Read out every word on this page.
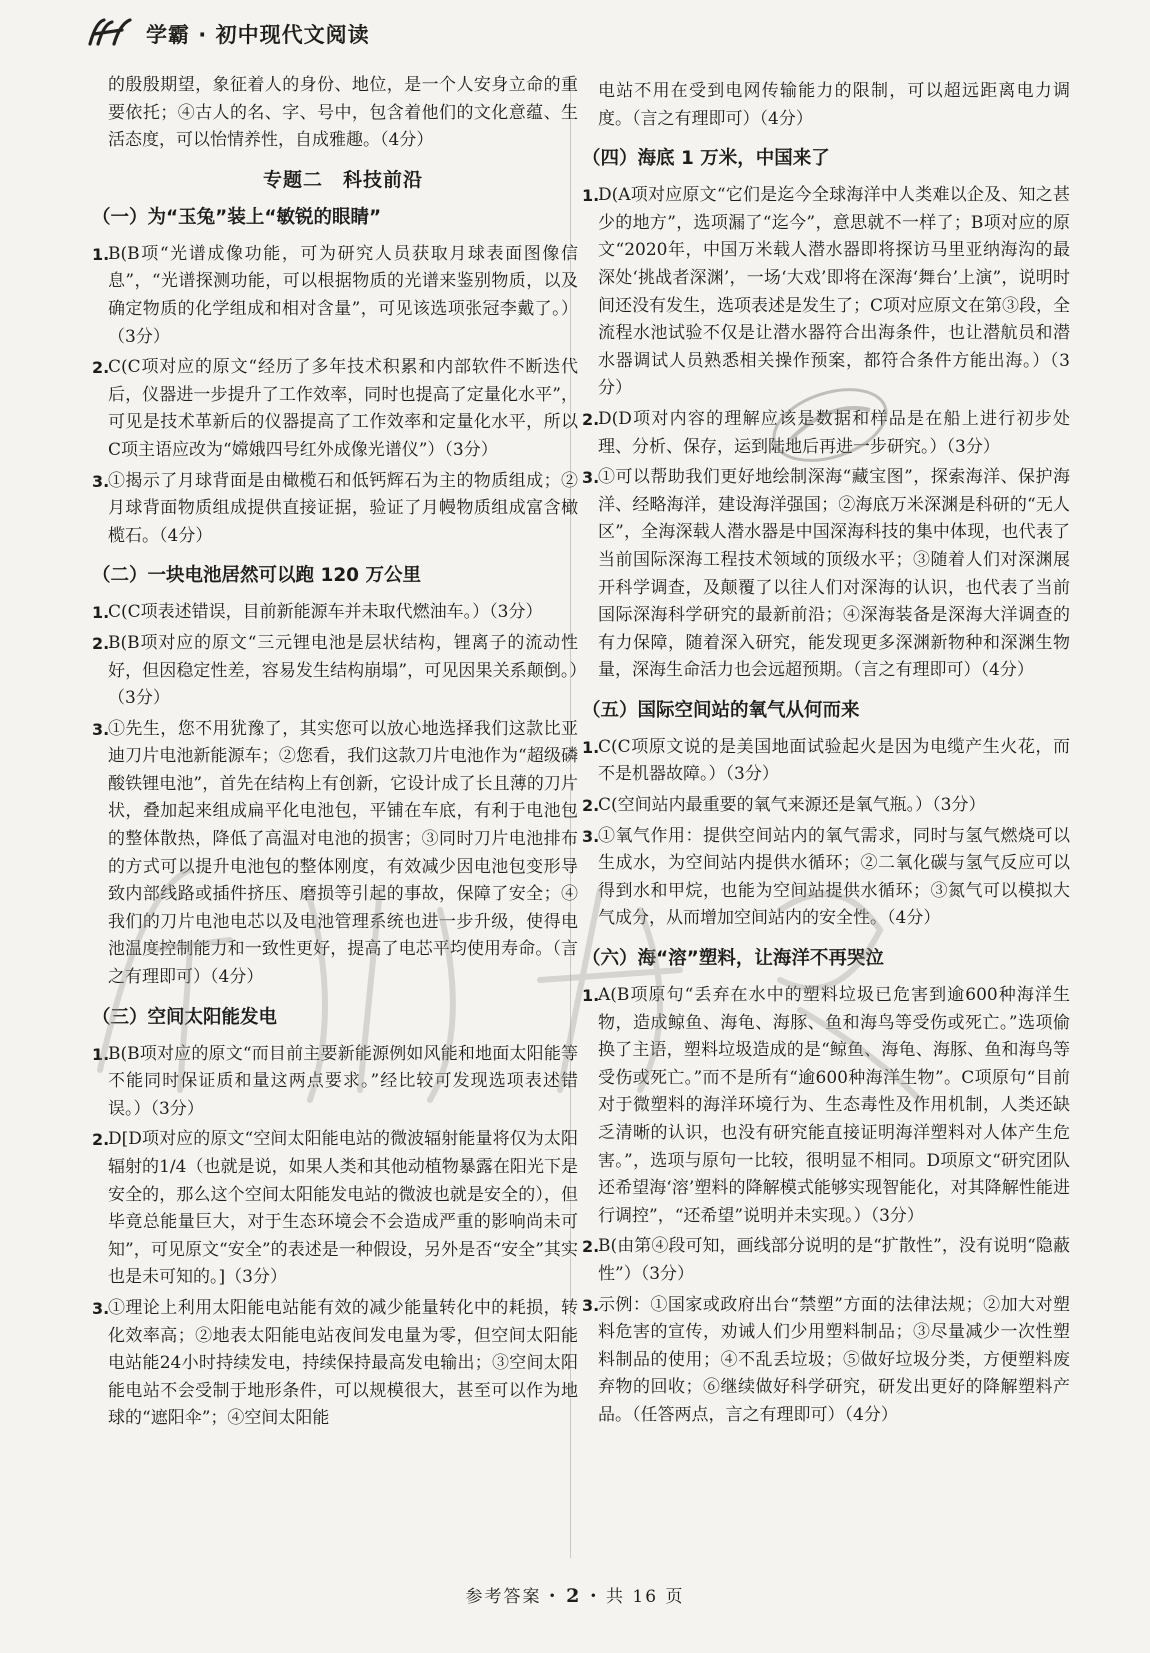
学霸 · 初中现代文阅读

的殷殷期望，象征着人的身份、地位，是一个人安身立命的重要依托；④古人的名、字、号中，包含着他们的文化意蕴、生活态度，可以怡情养性，自成雅趣。（4分）

专题二　科技前沿
（一）为“玉兔”装上“敏锐的眼睛”
1.

B(B项“光谱成像功能，可为研究人员获取月球表面图像信息”，“光谱探测功能，可以根据物质的光谱来鉴别物质，以及确定物质的化学组成和相对含量”，可见该选项张冠李戴了。）（3分）

2.

C(C项对应的原文“经历了多年技术积累和内部软件不断迭代后，仪器进一步提升了工作效率，同时也提高了定量化水平”，可见是技术革新后的仪器提高了工作效率和定量化水平，所以C项主语应改为“嫦娥四号红外成像光谱仪”）（3分）

3.

①揭示了月球背面是由橄榄石和低钙辉石为主的物质组成；②月球背面物质组成提供直接证据，验证了月幔物质组成富含橄榄石。（4分）

（二）一块电池居然可以跑 120 万公里
1.

C(C项表述错误，目前新能源车并未取代燃油车。）（3分）

2.

B(B项对应的原文“三元锂电池是层状结构，锂离子的流动性好，但因稳定性差，容易发生结构崩塌”，可见因果关系颠倒。）（3分）

3.

①先生，您不用犹豫了，其实您可以放心地选择我们这款比亚迪刀片电池新能源车；②您看，我们这款刀片电池作为“超级磷酸铁锂电池”，首先在结构上有创新，它设计成了长且薄的刀片状，叠加起来组成扁平化电池包，平铺在车底，有利于电池包的整体散热，降低了高温对电池的损害；③同时刀片电池排布的方式可以提升电池包的整体刚度，有效减少因电池包变形导致内部线路或插件挤压、磨损等引起的事故，保障了安全；④我们的刀片电池电芯以及电池管理系统也进一步升级，使得电池温度控制能力和一致性更好，提高了电芯平均使用寿命。（言之有理即可）（4分）

（三）空间太阳能发电
1.

B(B项对应的原文“而目前主要新能源例如风能和地面太阳能等不能同时保证质和量这两点要求。”经比较可发现选项表述错误。）（3分）

2.

D[D项对应的原文“空间太阳能电站的微波辐射能量将仅为太阳辐射的1/4（也就是说，如果人类和其他动植物暴露在阳光下是安全的，那么这个空间太阳能发电站的微波也就是安全的），但毕竟总能量巨大，对于生态环境会不会造成严重的影响尚未可知”，可见原文“安全”的表述是一种假设，另外是否“安全”其实也是未可知的。]（3分）

3.

①理论上利用太阳能电站能有效的减少能量转化中的耗损，转化效率高；②地表太阳能电站夜间发电量为零，但空间太阳能电站能24小时持续发电，持续保持最高发电输出；③空间太阳能电站不会受制于地形条件，可以规模很大，甚至可以作为地球的“遮阳伞”；④空间太阳能

电站不用在受到电网传输能力的限制，可以超远距离电力调度。（言之有理即可）（4分）

（四）海底 1 万米，中国来了
1.

D(A项对应原文“它们是迄今全球海洋中人类难以企及、知之甚少的地方”，选项漏了“迄今”，意思就不一样了；B项对应的原文“2020年，中国万米载人潜水器即将探访马里亚纳海沟的最深处‘挑战者深渊’，一场‘大戏’即将在深海‘舞台’上演”，说明时间还没有发生，选项表述是发生了；C项对应原文在第③段，全流程水池试验不仅是让潜水器符合出海条件，也让潜航员和潜水器调试人员熟悉相关操作预案，都符合条件方能出海。）（3分）

2.

D(D项对内容的理解应该是数据和样品是在船上进行初步处理、分析、保存，运到陆地后再进一步研究。）（3分）

3.

①可以帮助我们更好地绘制深海“藏宝图”，探索海洋、保护海洋、经略海洋，建设海洋强国；②海底万米深渊是科研的“无人区”，全海深载人潜水器是中国深海科技的集中体现，也代表了当前国际深海工程技术领域的顶级水平；③随着人们对深渊展开科学调查，及颠覆了以往人们对深海的认识，也代表了当前国际深海科学研究的最新前沿；④深海装备是深海大洋调查的有力保障，随着深入研究，能发现更多深渊新物种和深渊生物量，深海生命活力也会远超预期。（言之有理即可）（4分）

（五）国际空间站的氧气从何而来
1.

C(C项原文说的是美国地面试验起火是因为电缆产生火花，而不是机器故障。）（3分）

2.

C(空间站内最重要的氧气来源还是氧气瓶。）（3分）

3.

①氧气作用：提供空间站内的氧气需求，同时与氢气燃烧可以生成水，为空间站内提供水循环；②二氧化碳与氢气反应可以得到水和甲烷，也能为空间站提供水循环；③氮气可以模拟大气成分，从而增加空间站内的安全性。（4分）

（六）海“溶”塑料，让海洋不再哭泣
1.

A(B项原句“丢弃在水中的塑料垃圾已危害到逾600种海洋生物，造成鲸鱼、海龟、海豚、鱼和海鸟等受伤或死亡。”选项偷换了主语，塑料垃圾造成的是“鲸鱼、海龟、海豚、鱼和海鸟等受伤或死亡。”而不是所有“逾600种海洋生物”。C项原句“目前对于微塑料的海洋环境行为、生态毒性及作用机制，人类还缺乏清晰的认识，也没有研究能直接证明海洋塑料对人体产生危害。”，选项与原句一比较，很明显不相同。D项原文“研究团队还希望海‘溶’塑料的降解模式能够实现智能化，对其降解性能进行调控”，“还希望”说明并未实现。）（3分）

2.

B(由第④段可知，画线部分说明的是“扩散性”，没有说明“隐蔽性”）（3分）

3.

示例：①国家或政府出台“禁塑”方面的法律法规；②加大对塑料危害的宣传，劝诫人们少用塑料制品；③尽量减少一次性塑料制品的使用；④不乱丢垃圾；⑤做好垃圾分类，方便塑料废弃物的回收；⑥继续做好科学研究，研发出更好的降解塑料产品。（任答两点，言之有理即可）（4分）

参考答案 · 2 · 共 16 页
